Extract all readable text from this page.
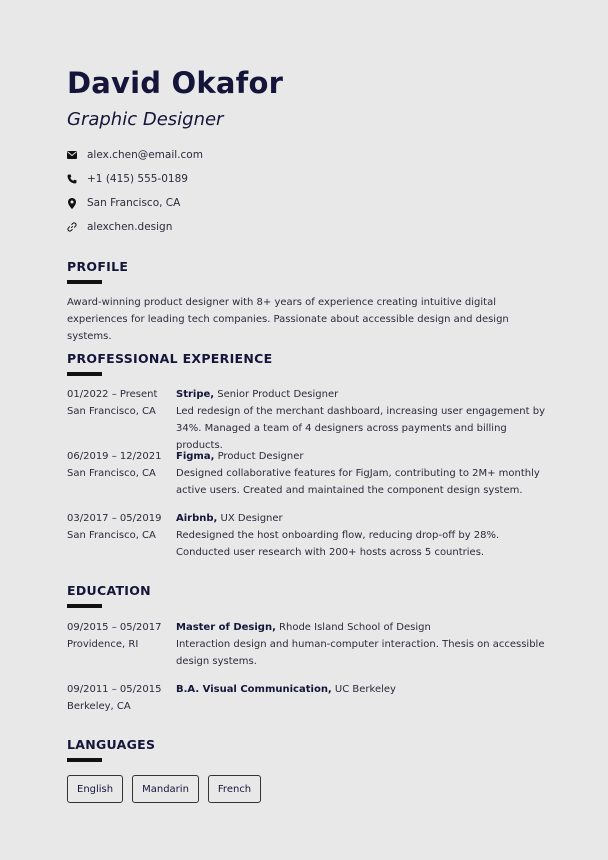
David Okafor
Graphic Designer
alex.chen@email.com
+1 (415) 555-0189
San Francisco, CA
alexchen.design
PROFILE
Award-winning product designer with 8+ years of experience creating intuitive digital experiences for leading tech companies. Passionate about accessible design and design systems.
PROFESSIONAL EXPERIENCE
01/2022 – Present
San Francisco, CA
Stripe, Senior Product Designer
Led redesign of the merchant dashboard, increasing user engagement by 34%. Managed a team of 4 designers across payments and billing products.
06/2019 – 12/2021
San Francisco, CA
Figma, Product Designer
Designed collaborative features for FigJam, contributing to 2M+ monthly active users. Created and maintained the component design system.
03/2017 – 05/2019
San Francisco, CA
Airbnb, UX Designer
Redesigned the host onboarding flow, reducing drop-off by 28%. Conducted user research with 200+ hosts across 5 countries.
EDUCATION
09/2015 – 05/2017
Providence, RI
Master of Design, Rhode Island School of Design
Interaction design and human-computer interaction. Thesis on accessible design systems.
09/2011 – 05/2015
Berkeley, CA
B.A. Visual Communication, UC Berkeley
LANGUAGES
English	Mandarin	French
